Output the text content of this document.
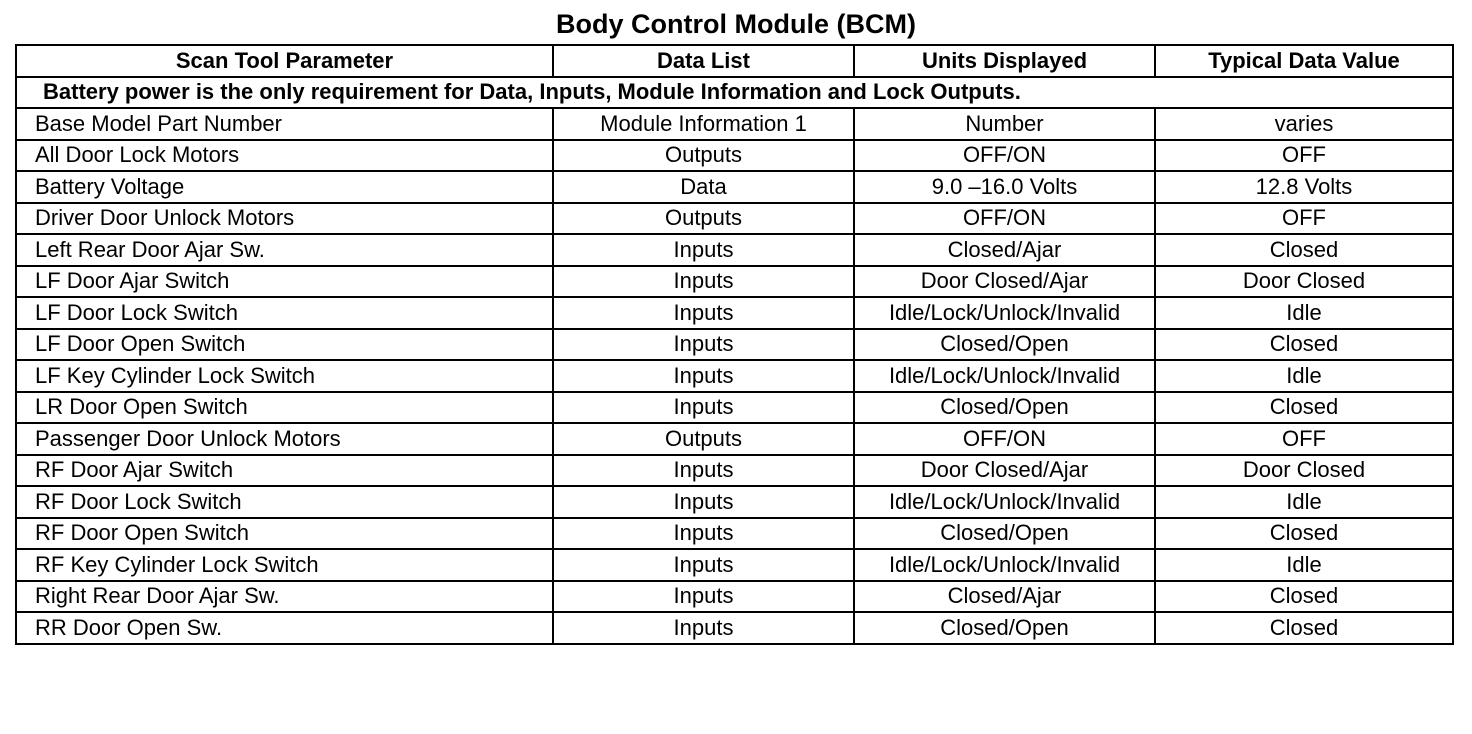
Body Control Module (BCM)
Scan Tool Parameter	Data List	Units Displayed	Typical Data Value
Battery power is the only requirement for Data, Inputs, Module Information and Lock Outputs.			
Base Model Part Number	Module Information 1	Number	varies
All Door Lock Motors	Outputs	OFF/ON	OFF
Battery Voltage	Data	9.0 –16.0 Volts	12.8 Volts
Driver Door Unlock Motors	Outputs	OFF/ON	OFF
Left Rear Door Ajar Sw.	Inputs	Closed/Ajar	Closed
LF Door Ajar Switch	Inputs	Door Closed/Ajar	Door Closed
LF Door Lock Switch	Inputs	Idle/Lock/Unlock/Invalid	Idle
LF Door Open Switch	Inputs	Closed/Open	Closed
LF Key Cylinder Lock Switch	Inputs	Idle/Lock/Unlock/Invalid	Idle
LR Door Open Switch	Inputs	Closed/Open	Closed
Passenger Door Unlock Motors	Outputs	OFF/ON	OFF
RF Door Ajar Switch	Inputs	Door Closed/Ajar	Door Closed
RF Door Lock Switch	Inputs	Idle/Lock/Unlock/Invalid	Idle
RF Door Open Switch	Inputs	Closed/Open	Closed
RF Key Cylinder Lock Switch	Inputs	Idle/Lock/Unlock/Invalid	Idle
Right Rear Door Ajar Sw.	Inputs	Closed/Ajar	Closed
RR Door Open Sw.	Inputs	Closed/Open	Closed
